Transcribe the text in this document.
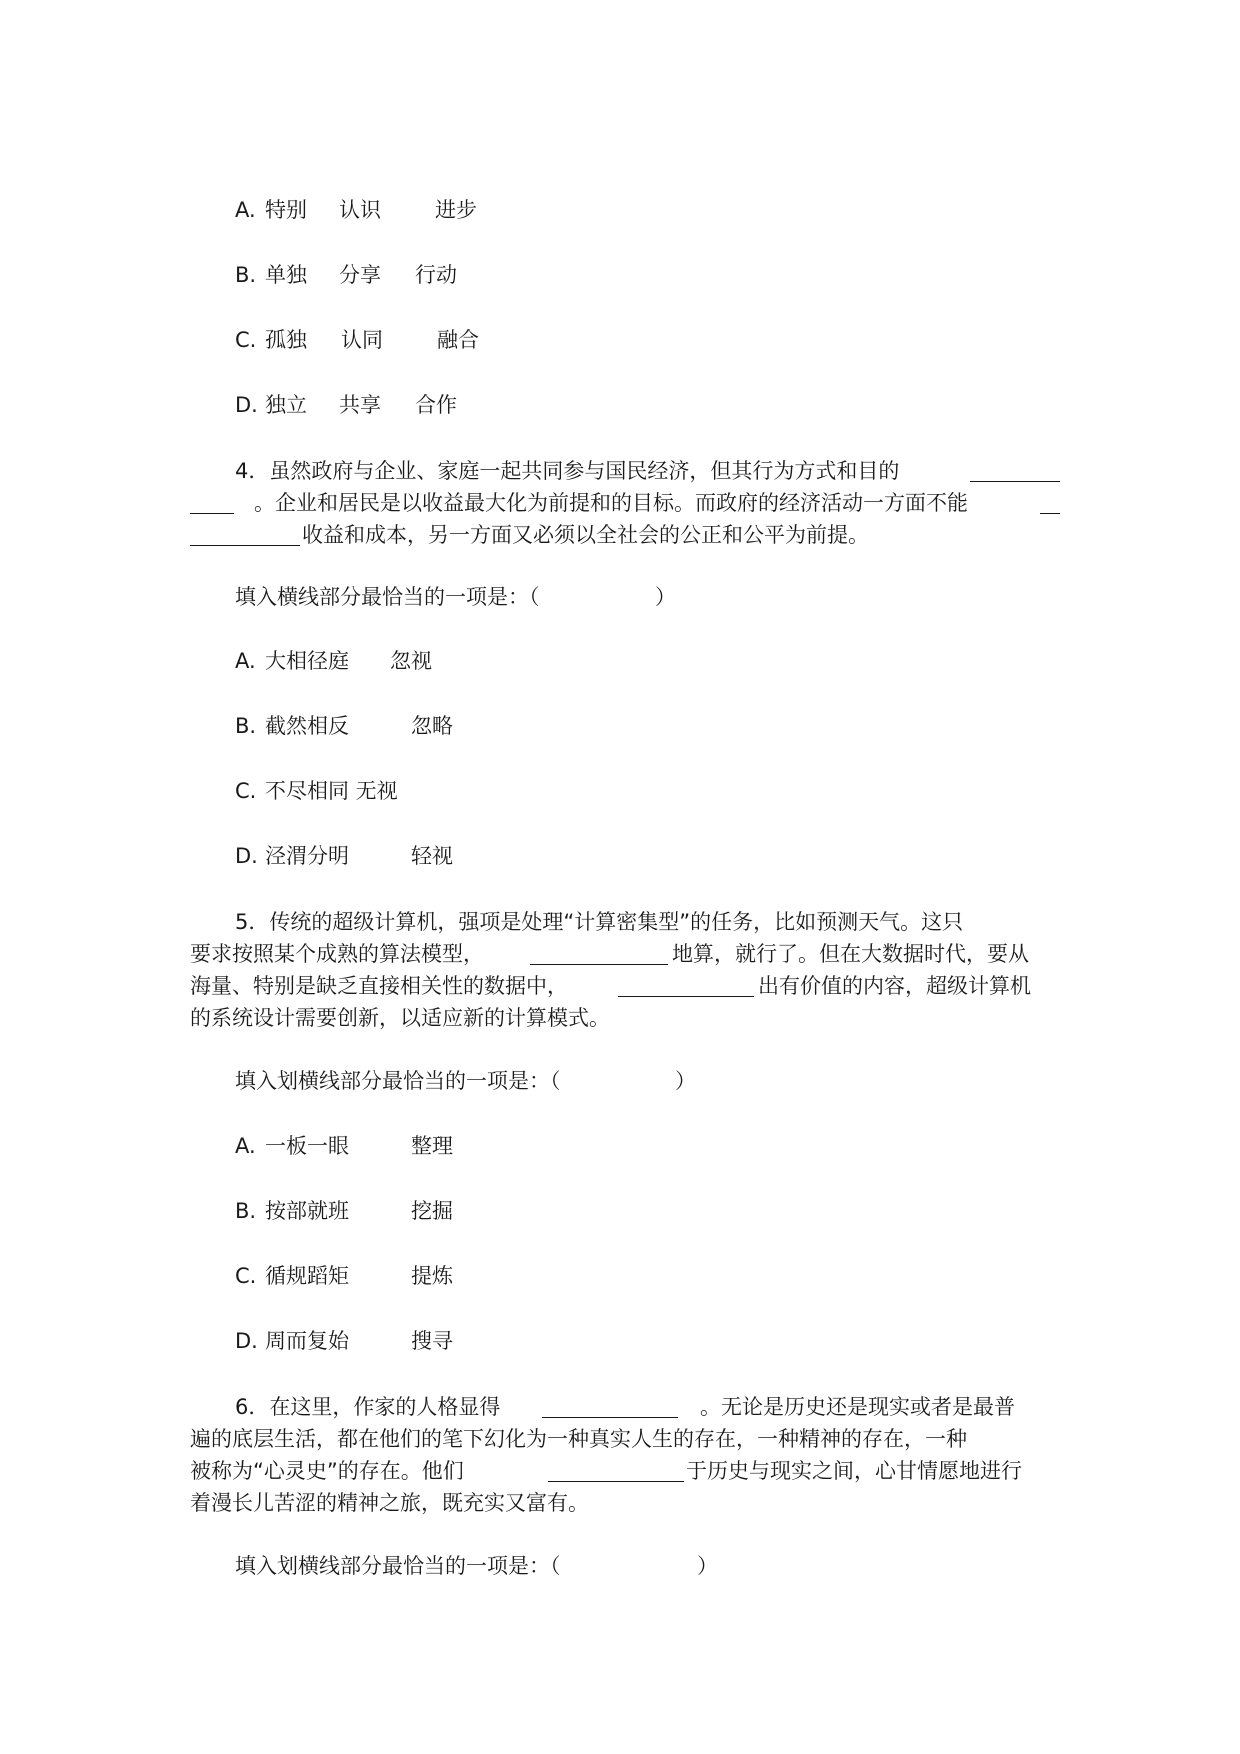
A. 特别 认识	进步
B. 单独 分享 行动
C. 孤独 认同	融合
D. 独立 共享 合作
4．虽然政府与企业、家庭一起共同参与国民经济，但其行为方式和目的
。企业和居民是以收益最大化为前提和的目标。而政府的经济活动一方面不能
收益和成本，另一方面又必须以全社会的公正和公平为前提。
填入横线部分最恰当的一项是：（	）
A. 大相径庭 忽视
B. 截然相反	忽略
C. 不尽相同 无视
D. 泾渭分明	轻视
5．传统的超级计算机，强项是处理“计算密集型”的任务，比如预测天气。这只
要求按照某个成熟的算法模型，	地算，就行了。但在大数据时代，要从
海量、特别是缺乏直接相关性的数据中，	出有价值的内容，超级计算机
的系统设计需要创新，以适应新的计算模式。
填入划横线部分最恰当的一项是：（	）
A. 一板一眼	整理
B. 按部就班	挖掘
C. 循规蹈矩	提炼
D. 周而复始	搜寻
6．在这里，作家的人格显得	。无论是历史还是现实或者是最普
遍的底层生活，都在他们的笔下幻化为一种真实人生的存在，一种精神的存在，一种
被称为“心灵史”的存在。他们	于历史与现实之间，心甘情愿地进行
着漫长儿苦涩的精神之旅，既充实又富有。
填入划横线部分最恰当的一项是：（	）
